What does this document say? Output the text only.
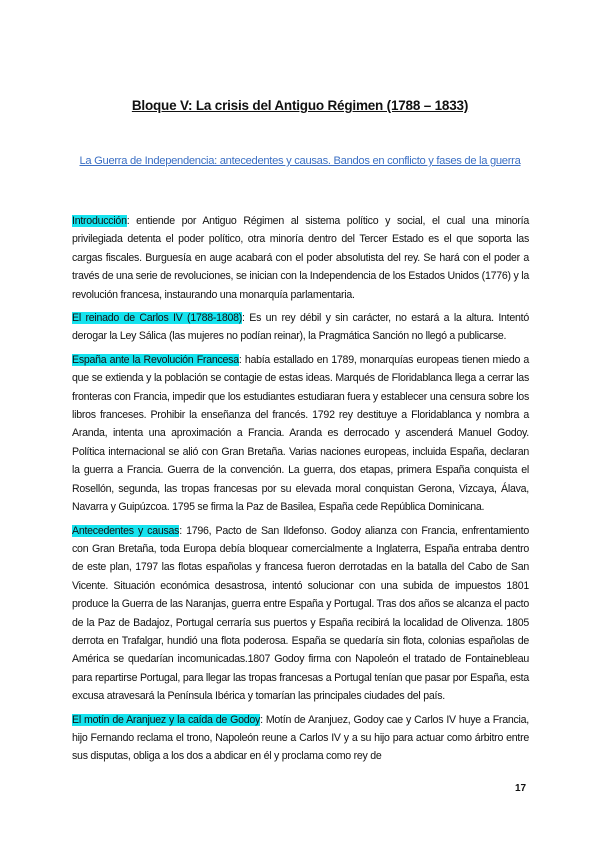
Bloque V: La crisis del Antiguo Régimen (1788 – 1833)
La Guerra de Independencia: antecedentes y causas. Bandos en conflicto y fases de la guerra

Introducción: entiende por Antiguo Régimen al sistema político y social, el cual una minoría privilegiada detenta el poder político, otra minoría dentro del Tercer Estado es el que soporta las cargas fiscales. Burguesía en auge acabará con el poder absolutista del rey. Se hará con el poder a través de una serie de revoluciones, se inician con la Independencia de los Estados Unidos (1776) y la revolución francesa, instaurando una monarquía parlamentaria.

El reinado de Carlos IV (1788-1808): Es un rey débil y sin carácter, no estará a la altura. Intentó derogar la Ley Sálica (las mujeres no podían reinar), la Pragmática Sanción no llegó a publicarse.

España ante la Revolución Francesa: había estallado en 1789, monarquías europeas tienen miedo a que se extienda y la población se contagie de estas ideas. Marqués de Floridablanca llega a cerrar las fronteras con Francia, impedir que los estudiantes estudiaran fuera y establecer una censura sobre los libros franceses. Prohibir la enseñanza del francés. 1792 rey destituye a Floridablanca y nombra a Aranda, intenta una aproximación a Francia. Aranda es derrocado y ascenderá Manuel Godoy. Política internacional se alió con Gran Bretaña. Varias naciones europeas, incluida España, declaran la guerra a Francia. Guerra de la convención. La guerra, dos etapas, primera España conquista el Rosellón, segunda, las tropas francesas por su elevada moral conquistan Gerona, Vizcaya, Álava, Navarra y Guipúzcoa. 1795 se firma la Paz de Basilea, España cede República Dominicana.

Antecedentes y causas: 1796, Pacto de San Ildefonso. Godoy alianza con Francia, enfrentamiento con Gran Bretaña, toda Europa debía bloquear comercialmente a Inglaterra, España entraba dentro de este plan, 1797 las flotas españolas y francesa fueron derrotadas en la batalla del Cabo de San Vicente. Situación económica desastrosa, intentó solucionar con una subida de impuestos 1801 produce la Guerra de las Naranjas, guerra entre España y Portugal. Tras dos años se alcanza el pacto de la Paz de Badajoz, Portugal cerraría sus puertos y España recibirá la localidad de Olivenza. 1805 derrota en Trafalgar, hundió una flota poderosa. España se quedaría sin flota, colonias españolas de América se quedarían incomunicadas.1807 Godoy firma con Napoleón el tratado de Fontainebleau para repartirse Portugal, para llegar las tropas francesas a Portugal tenían que pasar por España, esta excusa atravesará la Península Ibérica y tomarían las principales ciudades del país.

El motín de Aranjuez y la caída de Godoy: Motín de Aranjuez, Godoy cae y Carlos IV huye a Francia, hijo Fernando reclama el trono, Napoleón reune a Carlos IV y a su hijo para actuar como árbitro entre sus disputas, obliga a los dos a abdicar en él y proclama como rey de

17
